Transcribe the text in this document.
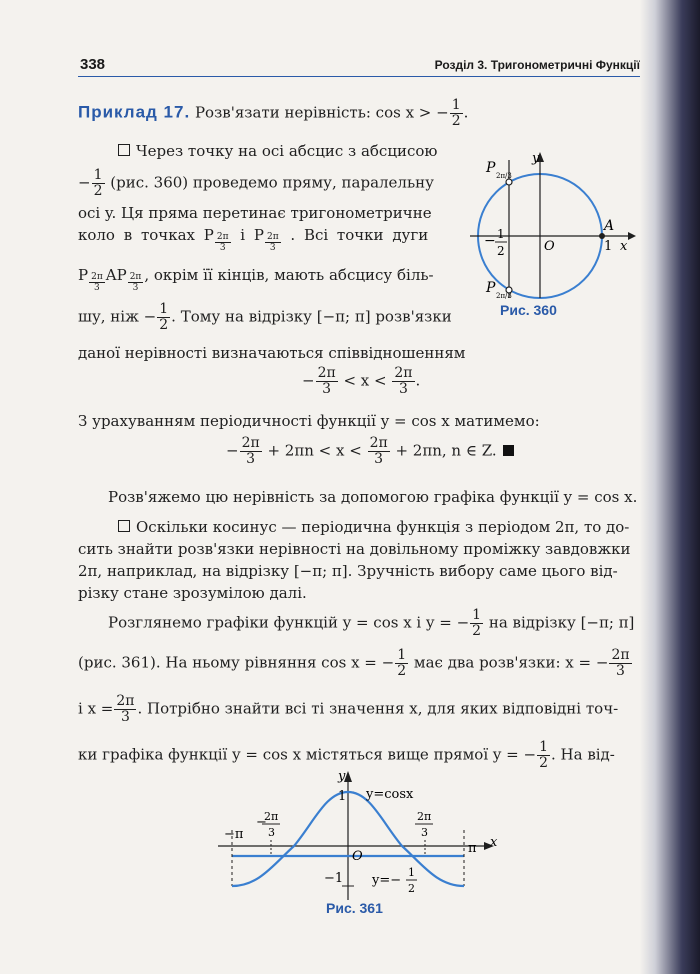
338	Розділ 3. Тригонометричні Функції
Приклад 17. Розв'язати нерівність: cos x > − $\frac{1}{2}$ .
Через точку на осі абсцис з абсцисою
− $\frac{1}{2} (рис$. 360) проведемо пряму, паралельну
осі y. Ця пряма перетинає тригонометричне
коло в точках P $\frac{2\pi}{3}$ і P $\frac{2\pi}{3}$ . Всі точки дуги
P $\frac{2\pi}{3}$ AP $\frac{2\pi}{3}$ , окрім її кінців, мають абсцису біль-
шу, ніж − $\frac{1}{2}$ . Тому на відрізку [−π; π] розв'язки
даної нерівності визначаються співвідношенням
− $\frac{2\pi}{3} < x < \frac{2\pi}{3}$ .
З урахуванням періодичності функції y = cos x матимемо:
− $\frac{2\pi}{3} + 2\pi n < x < \frac{2\pi}{3} + 2\pi n$, n ∈ Z.
y
x
O
A
1
− 1
2
P 2π/3
P 2π/3
Рис. 360
Розв'яжемо цю нерівність за допомогою графіка функції y = cos x.
Оскільки косинус — періодична функція з періодом 2π, то до-
сить знайти розв'язки нерівності на довільному проміжку завдовжки
2π, наприклад, на відрізку [−π; π]. Зручність вибору саме цього від-
різку стане зрозумілою далі.
Розглянемо графіки функцій y = cos x і y = − $\frac{1}{2}$ на відрізку [−π; π]
(рис. 361). На ньому рівняння cos x = − $\frac{1}{2}$ має два розв'язки: x = − $\frac{2\pi}{3}$
і $x = \frac{2\pi}{3}$ . Потрібно знайти всі ті значення x, для яких відповідні точ-
ки графіка функції y = cos x містяться вище прямої y = − $\frac{1}{2}$ . На від-
y
x
1 y=cosx
−π
π
O
−1 y=−
1
2
−
2π
3
2π
3
Рис. 361
